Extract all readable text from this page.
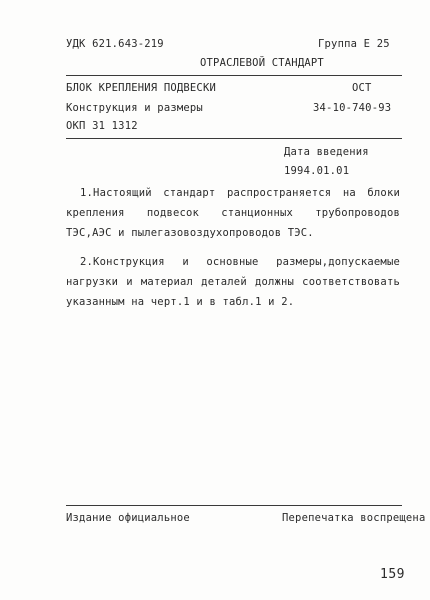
УДК 621.643-219	Группа Е 25
ОТРАСЛЕВОЙ СТАНДАРТ
БЛОК КРЕПЛЕНИЯ ПОДВЕСКИ	ОСТ
Конструкция и размеры	34-10-740-93
ОКП 31 1312
Дата введения
1994.01.01
1.Настоящий стандарт распространяется на блоки крепления подвесок станционных трубопроводов ТЭС,АЭС и пылегазовоздухопроводов ТЭС.
2.Конструкция и основные размеры,допускаемые нагрузки и материал деталей должны соответствовать указанным на черт.1 и в табл.1 и 2.
Издание официальное	Перепечатка воспрещена
159
